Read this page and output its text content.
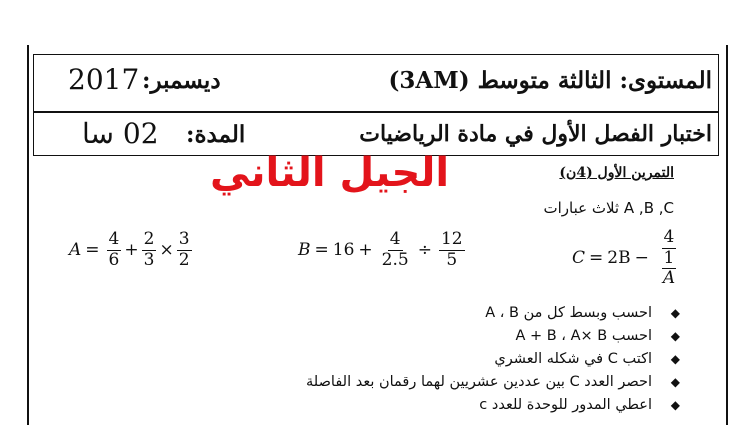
المستوى: الثالثة متوسط (3AM)
ديسمبر:
2017
اختبار الفصل الأول في مادة الرياضيات
المدة:
02 سا
الجيل الثاني	التمرين الأول (4ن)
A ,B ,C ثلاث عبارات
$A = \frac{4}{6} + \frac{2}{3} \times \frac{3}{2}$	$B = 16 + \frac{4}{2.5} \div \frac{12}{5}$	$C = 2B - \frac{4}{\frac{1}{A}}$
◆
احسب وبسط كل من A ، B
◆
احسب A + B ، A× B
◆
اكتب C في شكله العشري
◆
احصر العدد C بين عددين عشريين لهما رقمان بعد الفاصلة
◆
اعطي المدور للوحدة للعدد c
